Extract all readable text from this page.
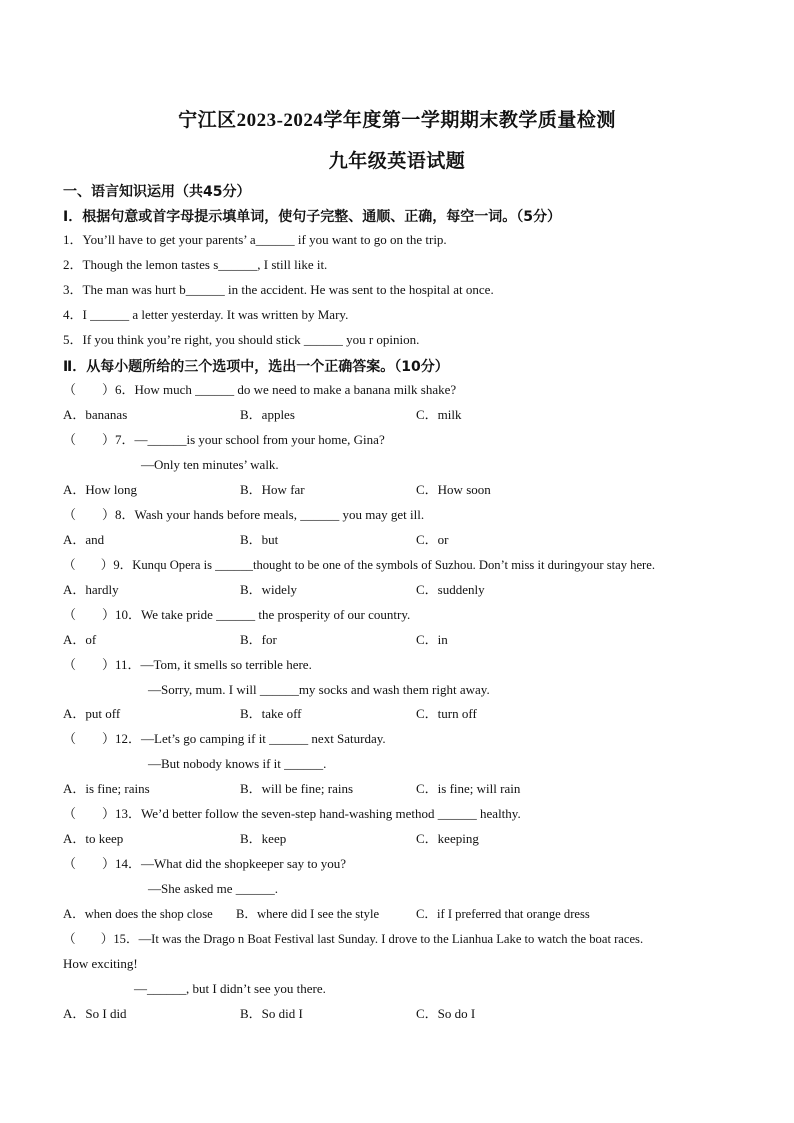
宁江区2023-2024学年度第一学期期末教学质量检测
九年级英语试题
一、语言知识运用（共45分）
Ⅰ．根据句意或首字母提示填单词，使句子完整、通顺、正确，每空一词。（5分）
1．You’ll have to get your parents’ a______ if you want to go on the trip.
2．Though the lemon tastes s______, I still like it.
3．The man was hurt b______ in the accident. He was sent to the hospital at once.
4．I ______ a letter yesterday. It was written by Mary.
5．If you think you’re right, you should stick ______ you r opinion.
Ⅱ．从每小题所给的三个选项中，选出一个正确答案。（10分）
（　　）6．How much ______ do we need to make a banana milk shake?
A．bananas	B．apples	C．milk
（　　）7．—______is your school from your home, Gina?
—Only ten minutes’ walk.
A．How long	B．How far	C．How soon
（　　）8．Wash your hands before meals, ______ you may get ill.
A．and	B．but	C．or
（　　）9．Kunqu Opera is ______thought to be one of the symbols of Suzhou. Don’t miss it duringyour stay here.
A．hardly	B．widely	C．suddenly
（　　）10．We take pride ______ the prosperity of our country.
A．of	B．for	C．in
（　　）11．—Tom, it smells so terrible here.
—Sorry, mum. I will ______my socks and wash them right away.
A．put off	B．take off	C．turn off
（　　）12．—Let’s go camping if it ______ next Saturday.
—But nobody knows if it ______.
A．is fine; rains	B．will be fine; rains	C．is fine; will rain
（　　）13．We’d better follow the seven-step hand-washing method ______ healthy.
A．to keep	B．keep	C．keeping
（　　）14．—What did the shopkeeper say to you?
—She asked me ______.
A．when does the shop close B．where did I see the style	C．if I preferred that orange dress
（　　）15．—It was the Drago n Boat Festival last Sunday. I drove to the Lianhua Lake to watch the boat races.
How exciting!
—______, but I didn’t see you there.
A．So I did	B．So did I	C．So do I
